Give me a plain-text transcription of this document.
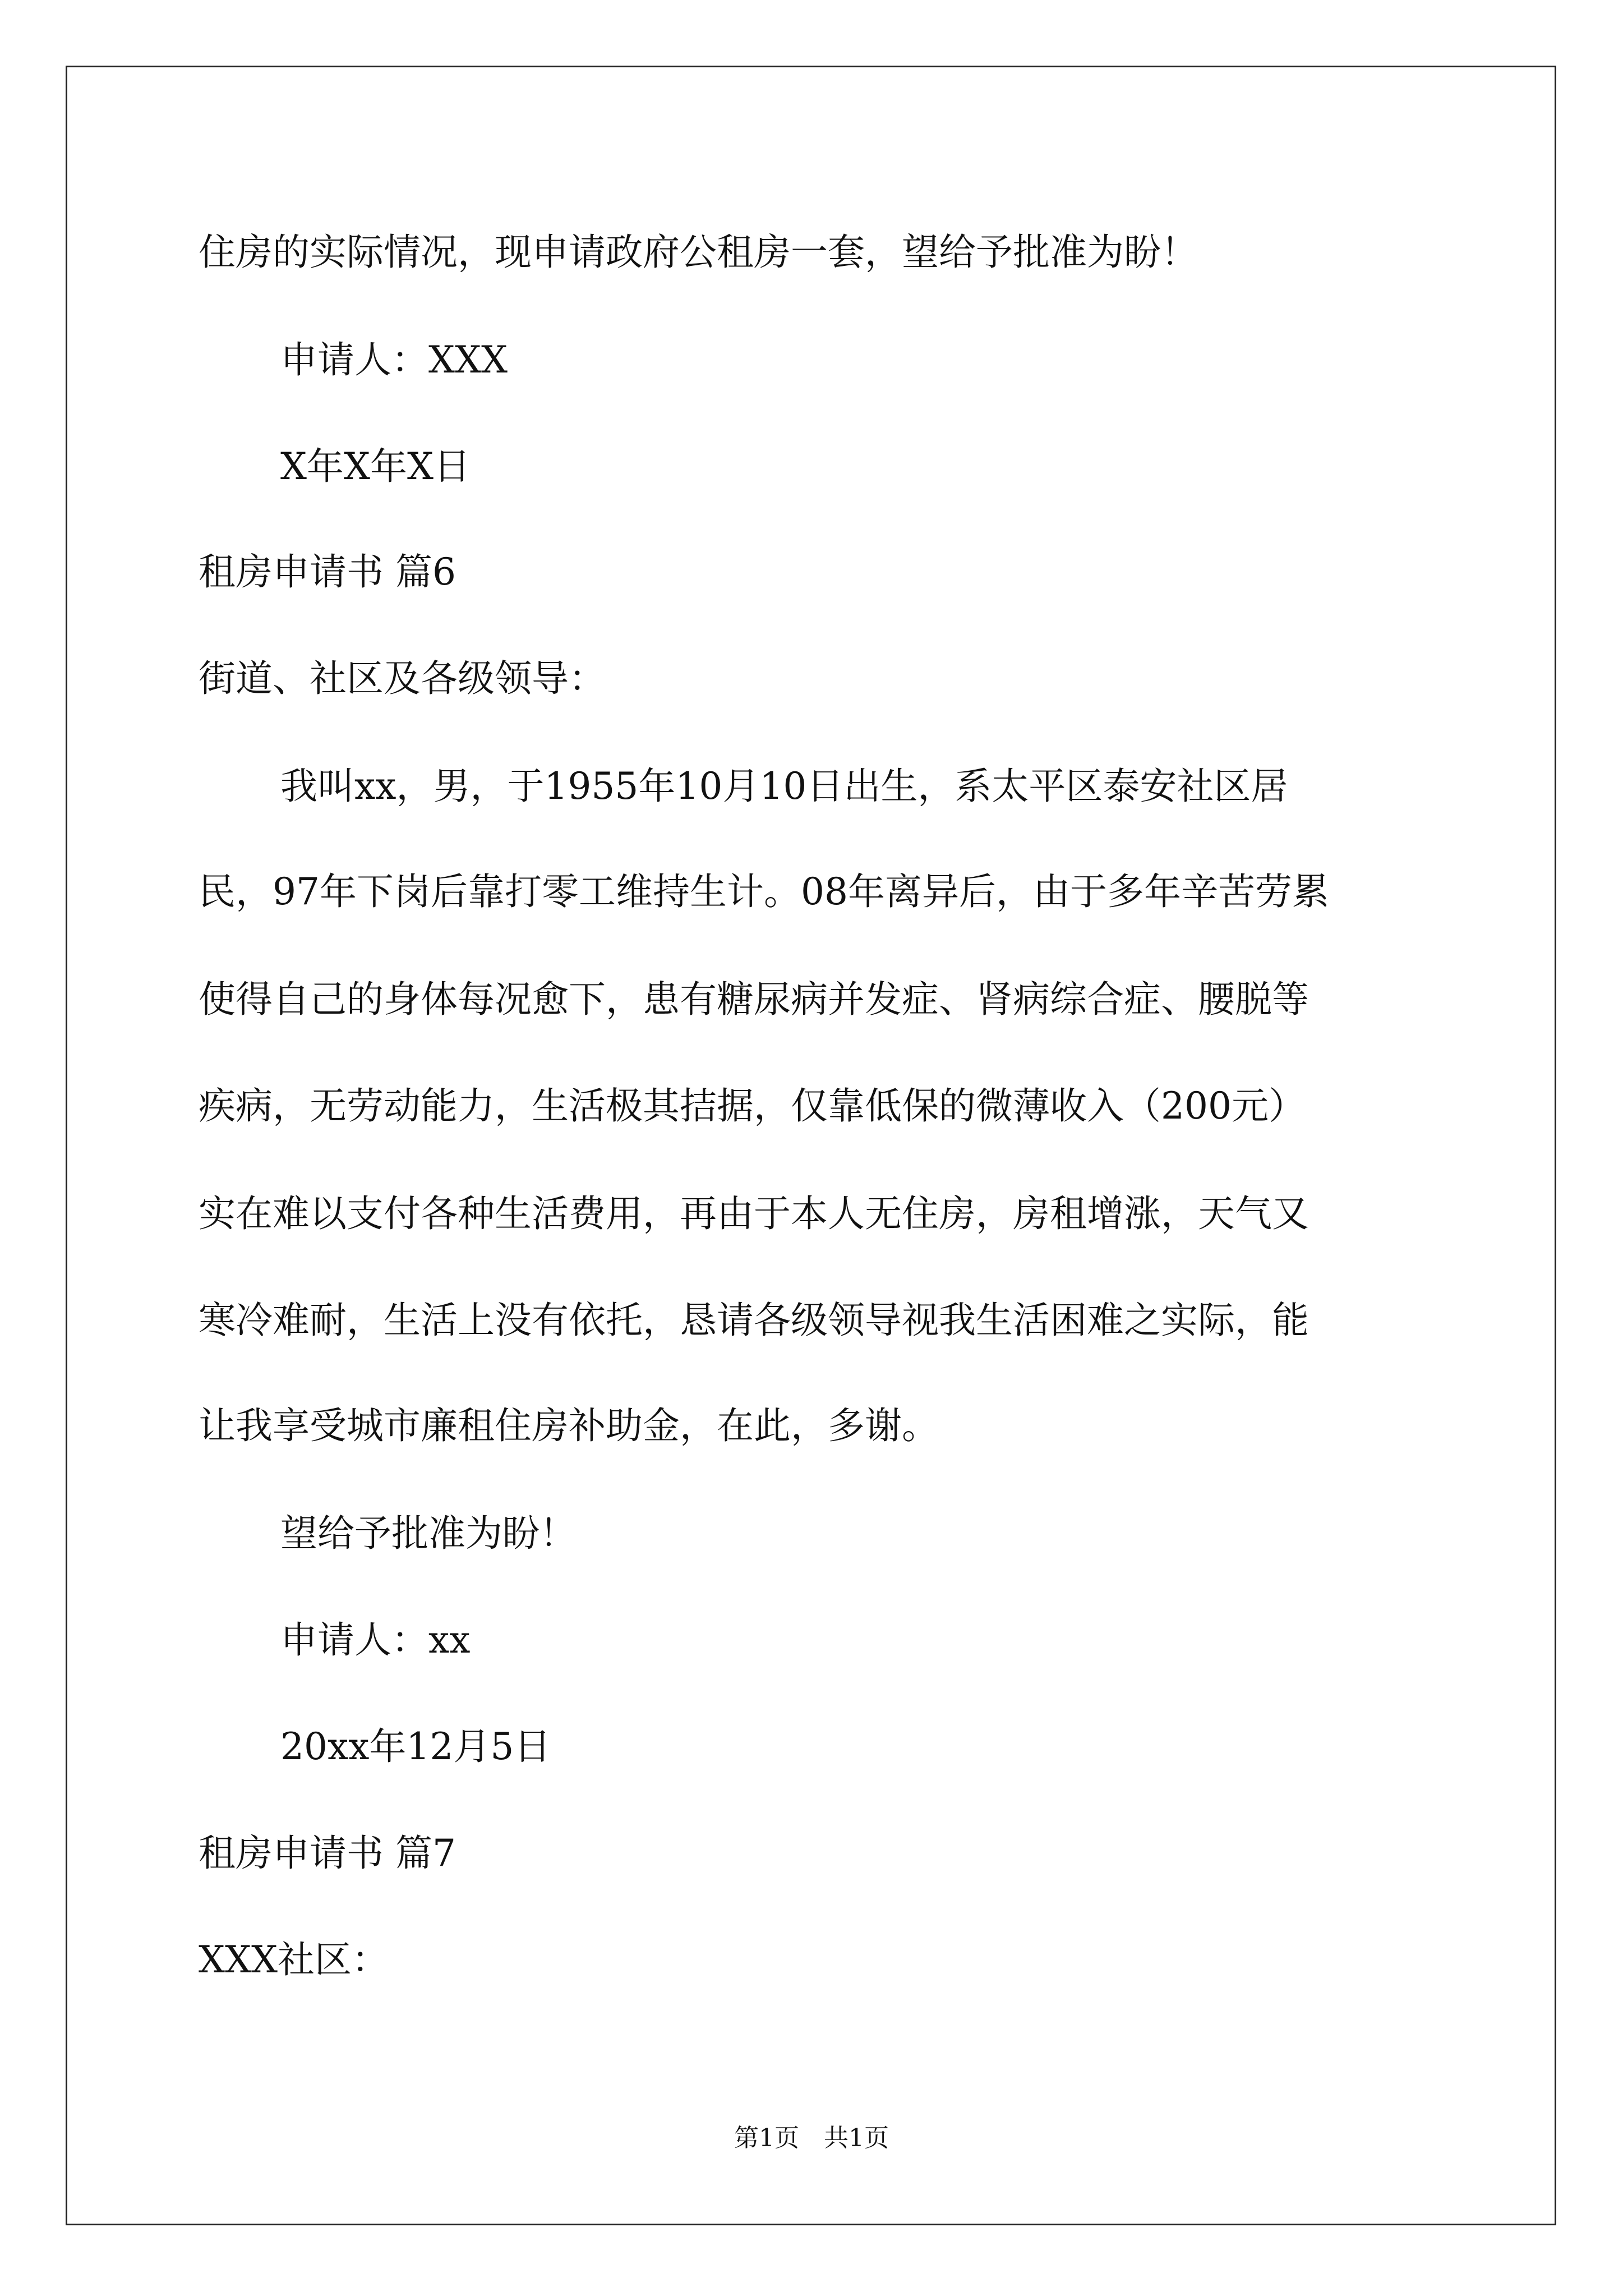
住房的实际情况，现申请政府公租房一套，望给予批准为盼！
申请人：XXX
X年X年X日
租房申请书 篇6
街道、社区及各级领导：
我叫xx，男，于1955年10月10日出生，系太平区泰安社区居
民，97年下岗后靠打零工维持生计。08年离异后，由于多年辛苦劳累
使得自己的身体每况愈下，患有糖尿病并发症、肾病综合症、腰脱等
疾病，无劳动能力，生活极其拮据，仅靠低保的微薄收入（200元）
实在难以支付各种生活费用，再由于本人无住房，房租增涨，天气又
寒冷难耐，生活上没有依托，恳请各级领导视我生活困难之实际，能
让我享受城市廉租住房补助金，在此，多谢。
望给予批准为盼！
申请人：xx
20xx年12月5日
租房申请书 篇7
XXX社区：
第1页　共1页
